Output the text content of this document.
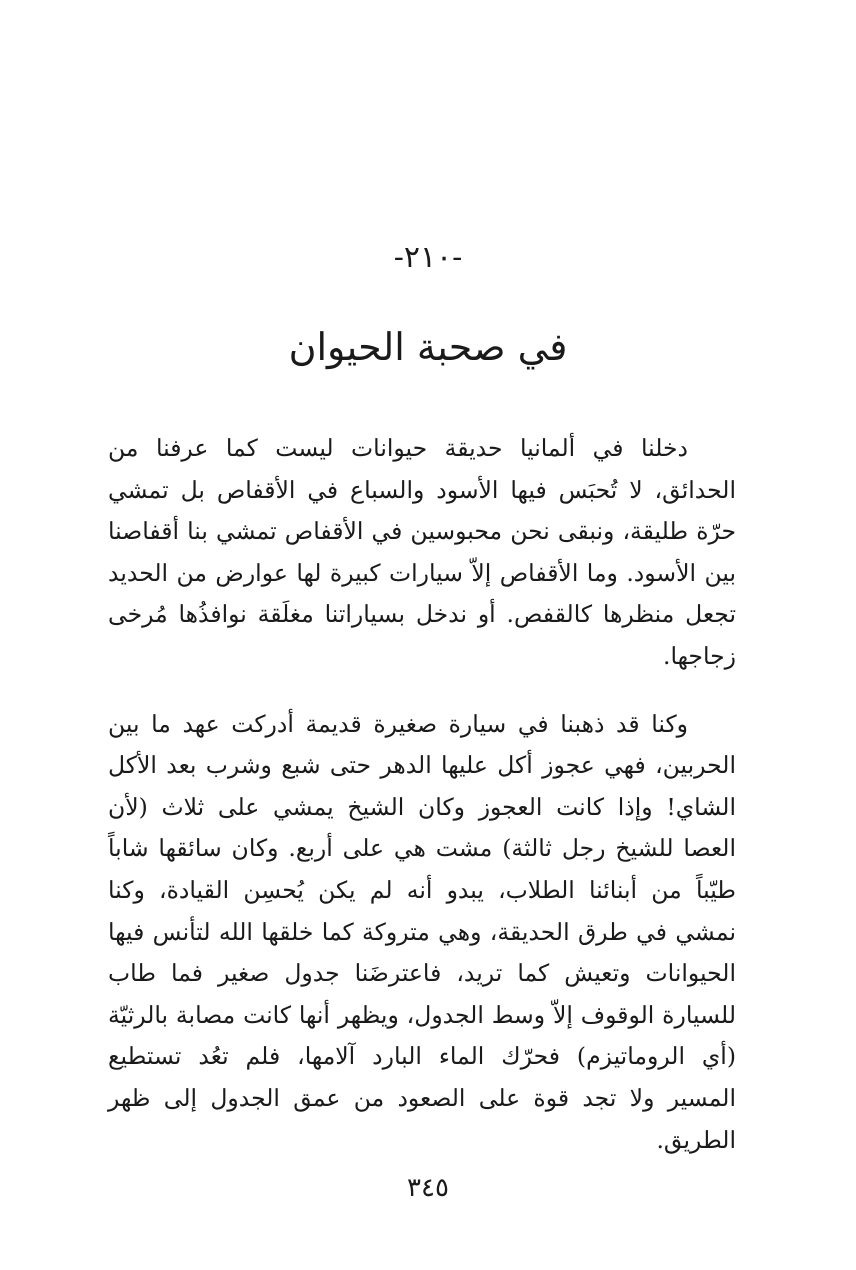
-٢١٠-
في صحبة الحيوان

دخلنا في ألمانيا حديقة حيوانات ليست كما عرفنا من الحدائق، لا تُحبَس فيها الأسود والسباع في الأقفاص بل تمشي حرّة طليقة، ونبقى نحن محبوسين في الأقفاص تمشي بنا أقفاصنا بين الأسود. وما الأقفاص إلاّ سيارات كبيرة لها عوارض من الحديد تجعل منظرها كالقفص. أو ندخل بسياراتنا مغلَقة نوافذُها مُرخى زجاجها.

وكنا قد ذهبنا في سيارة صغيرة قديمة أدركت عهد ما بين الحربين، فهي عجوز أكل عليها الدهر حتى شبع وشرب بعد الأكل الشاي! وإذا كانت العجوز وكان الشيخ يمشي على ثلاث (لأن العصا للشيخ رجل ثالثة) مشت هي على أربع. وكان سائقها شاباً طيّباً من أبنائنا الطلاب، يبدو أنه لم يكن يُحسِن القيادة، وكنا نمشي في طرق الحديقة، وهي متروكة كما خلقها الله لتأنس فيها الحيوانات وتعيش كما تريد، فاعترضَنا جدول صغير فما طاب للسيارة الوقوف إلاّ وسط الجدول، ويظهر أنها كانت مصابة بالرثيّة (أي الروماتيزم) فحرّك الماء البارد آلامها، فلم تعُد تستطيع المسير ولا تجد قوة على الصعود من عمق الجدول إلى ظهر الطريق.

٣٤٥
